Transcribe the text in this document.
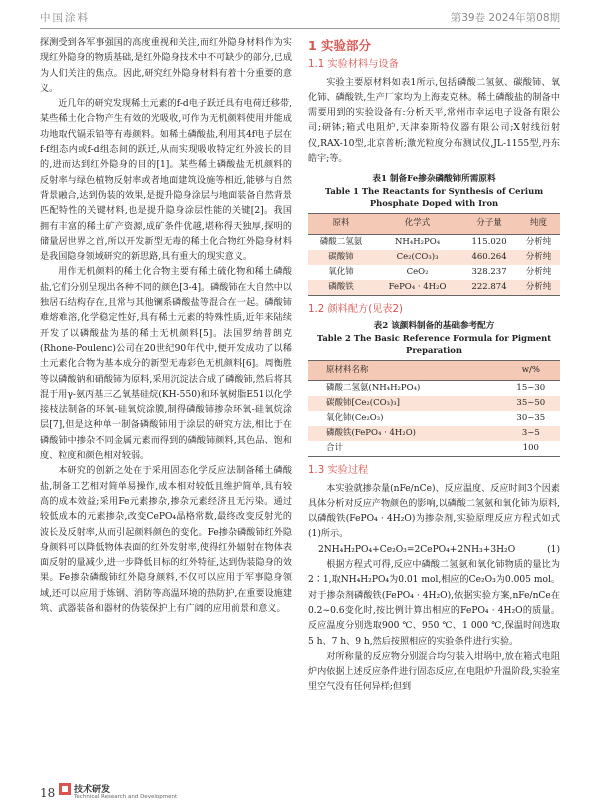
中国涂料	第39卷 2024年第08期

探测受到各军事强国的高度重视和关注,而红外隐身材料作为实现红外隐身的物质基础,是红外隐身技术中不可缺少的部分,已成为人们关注的焦点。因此,研究红外隐身材料有着十分重要的意义。

近几年的研究发现稀土元素的f-d电子跃迁具有电荷迁移带,某些稀土化合物产生有效的光吸收,可作为无机颜料使用并能成功地取代镉汞铅等有毒颜料。如稀土磷酸盐,利用其4f电子层在f-f组态内或f-d组态间的跃迁,从而实现吸收特定红外波长的目的,进而达到红外隐身的目的[1]。某些稀土磷酸盐无机颜料的反射率与绿色植物反射率或者地面建筑设施等相近,能够与自然背景融合,达到伪装的效果,是提升隐身涂层与地面装备自然背景匹配特性的关键材料,也是提升隐身涂层性能的关键[2]。我国拥有丰富的稀土矿产资源,成矿条件优越,堪称得天独厚,探明的储量居世界之首,所以开发新型无毒的稀土化合物红外隐身材料是我国隐身领域研究的新思路,具有重大的现实意义。

用作无机颜料的稀土化合物主要有稀土硫化物和稀土磷酸盐,它们分别呈现出各种不同的颜色[3-4]。磷酸铈在大自然中以独居石结构存在,且常与其他镧系磷酸盐等混合在一起。磷酸铈难熔难溶,化学稳定性好,具有稀土元素的特殊性质,近年来陆续开发了以磷酸盐为基的稀土无机颜料[5]。法国罗纳普朗克(Rhone-Poulenc)公司在20世纪90年代中,便开发成功了以稀土元素化合物为基本成分的新型无毒彩色无机颜料[6]。周衡胜等以磷酸钠和硝酸铈为原料,采用沉淀法合成了磷酸铈,然后将其混于用γ-氨丙基三乙氧基硅烷(KH-550)和环氧树脂E51以化学接枝法制备的环氧-硅氧烷涂膜,制得磷酸铈掺杂环氧-硅氧烷涂层[7],但是这种单一制备磷酸铈用于涂层的研究方法,相比于在磷酸铈中掺杂不同金属元素而得到的磷酸铈颜料,其色品、饱和度、粒度和颜色相对较弱。

本研究的创新之处在于采用固态化学反应法制备稀土磷酸盐,制备工艺相对简单易操作,成本相对较低且维护简单,具有较高的成本效益;采用Fe元素掺杂,掺杂元素经济且无污染。通过较低成本的元素掺杂,改变CePO₄晶格常数,最终改变反射光的波长及反射率,从而引起颜料颜色的变化。Fe掺杂磷酸铈红外隐身颜料可以降低物体表面的红外发射率,使得红外辐射在物体表面反射的量减少,进一步降低目标的红外特征,达到伪装隐身的效果。Fe掺杂磷酸铈红外隐身颜料,不仅可以应用于军事隐身领域,还可以应用于炼钢、消防等高温环境的热防护,在重要设施建筑、武器装备和器材的伪装保护上有广阔的应用前景和意义。

1 实验部分
1.1 实验材料与设备

实验主要原材料如表1所示,包括磷酸二氢氨、碳酸铈、氧化铈、磷酸铁,生产厂家均为上海麦克林。稀土磷酸盐的制备中需要用到的实验设备有:分析天平,常州市幸运电子设备有限公司;研钵;箱式电阻炉,天津泰斯特仪器有限公司;X射线衍射仪,RAX-10型,北京普析;激光粒度分布测试仪,JL-1155型,丹东皓宇;等。

表1 制备Fe掺杂磷酸铈所需原料
Table 1 The Reactants for Synthesis of Cerium Phosphate Doped with Iron
原料	化学式	分子量	纯度
磷酸二氢氨	NH₄H₂PO₄	115.020	分析纯
碳酸铈	Ce₂(CO₃)₃	460.264	分析纯
氧化铈	CeO₂	328.237	分析纯
磷酸铁	FePO₄ · 4H₂O	222.874	分析纯
1.2 颜料配方(见表2)
表2 该颜料制备的基础参考配方
Table 2 The Basic Reference Formula for Pigment Preparation
原材料名称	w/%
磷酸二氢氨(NH₄H₂PO₄)	15~30
碳酸铈[Ce₂(CO₃)₃]	35~50
氧化铈(Ce₂O₃)	30~35
磷酸铁(FePO₄ · 4H₂O)	3~5
合计	100
1.3 实验过程

本实验就掺杂量(nFe/nCe)、反应温度、反应时间3个因素具体分析对反应产物颜色的影响,以磷酸二氢氨和氧化铈为原料,以磷酸铁(FePO₄ · 4H₂O)为掺杂剂,实验原理反应方程式如式(1)所示。

2NH₄H₂PO₄+Ce₂O₃=2CePO₄+2NH₃+3H₂O	(1)

根据方程式可得,反应中磷酸二氢氨和氧化铈物质的量比为2∶1,取NH₄H₂PO₄为0.01 mol,相应的Ce₂O₃为0.005 mol。对于掺杂剂磷酸铁(FePO₄ · 4H₂O),依据实验方案,nFe/nCe在0.2~0.6变化时,按比例计算出相应的FePO₄ · 4H₂O的质量。反应温度分别选取900 ℃、950 ℃、1 000 ℃,保温时间选取5 h、7 h、9 h,然后按照相应的实验条件进行实验。

对所称量的反应物分别混合均匀装入坩埚中,放在箱式电阻炉内依据上述反应条件进行固态反应,在电阻炉升温阶段,实验室里空气没有任何异样;但到

18 技术研发
Technical Research and Development
